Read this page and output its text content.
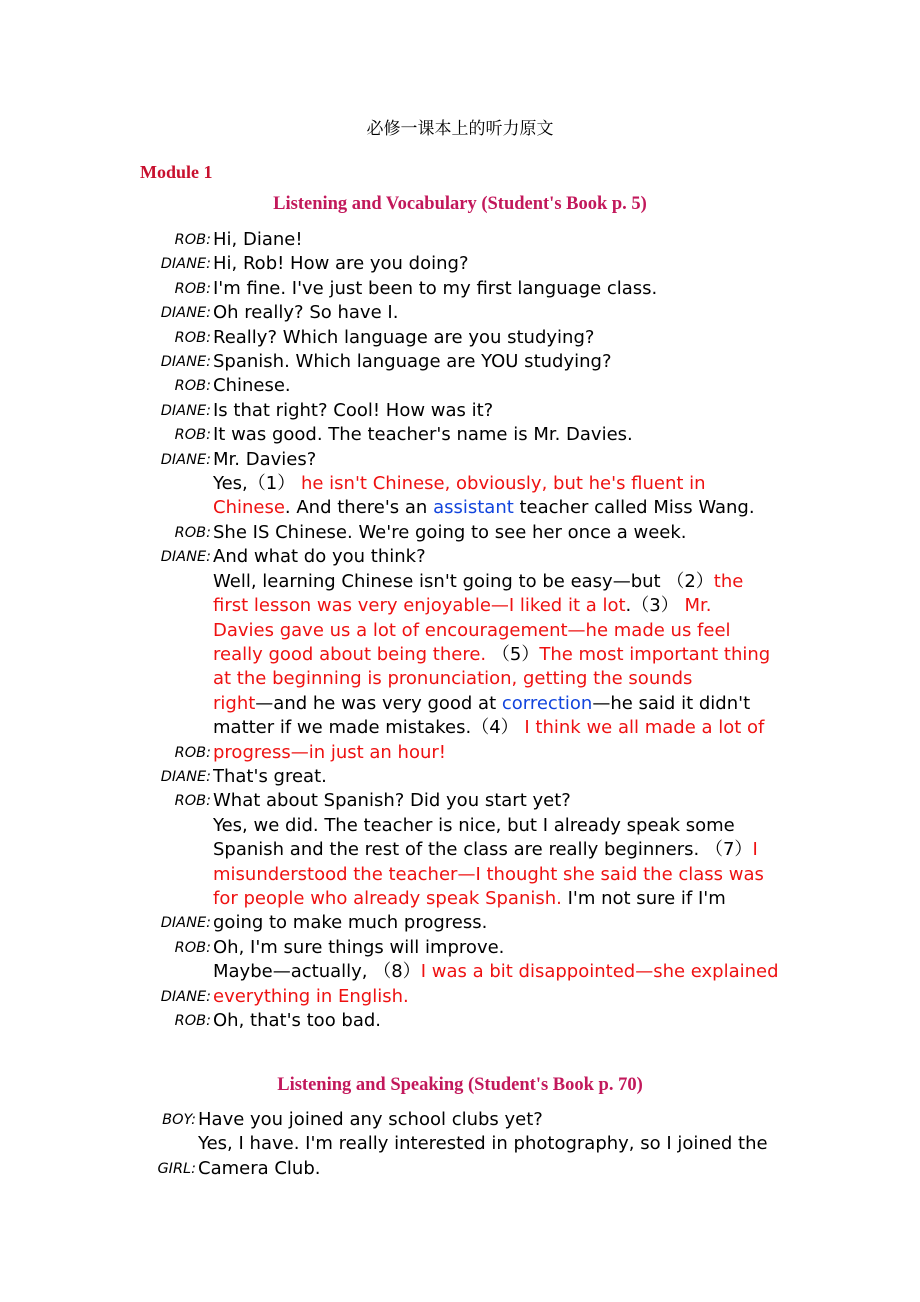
必修一课本上的听力原文
Module 1
Listening and Vocabulary (Student's Book p. 5)
ROB: Hi, Diane!
DIANE: Hi, Rob! How are you doing?
ROB: I'm fine. I've just been to my first language class.
DIANE: Oh really? So have I.
ROB: Really? Which language are you studying?
DIANE: Spanish. Which language are YOU studying?
ROB: Chinese.
DIANE: Is that right? Cool! How was it?
ROB: It was good. The teacher's name is Mr. Davies.
DIANE: Mr. Davies?
Yes,（1） he isn't Chinese, obviously, but he's fluent in
Chinese. And there's an assistant teacher called Miss Wang.
ROB: She IS Chinese. We're going to see her once a week.
DIANE: And what do you think?
ROB:
Well, learning Chinese isn't going to be easy—but （2）the
first lesson was very enjoyable—I liked it a lot.（3） Mr.
Davies gave us a lot of encouragement—he made us feel
really good about being there. （5）The most important thing
at the beginning is pronunciation, getting the sounds
right—and he was very good at correction—he said it didn't
matter if we made mistakes.（4） I think we all made a lot of
progress—in just an hour!
DIANE: That's great.
ROB: What about Spanish? Did you start yet?
DIANE:
Yes, we did. The teacher is nice, but I already speak some
Spanish and the rest of the class are really beginners. （7）I
misunderstood the teacher—I thought she said the class was
for people who already speak Spanish. I'm not sure if I'm
going to make much progress.
ROB: Oh, I'm sure things will improve.
DIANE:
Maybe—actually, （8）I was a bit disappointed—she explained
everything in English.
ROB: Oh, that's too bad.
Listening and Speaking (Student's Book p. 70)
BOY: Have you joined any school clubs yet?
GIRL:
Yes, I have. I'm really interested in photography, so I joined the
Camera Club.
